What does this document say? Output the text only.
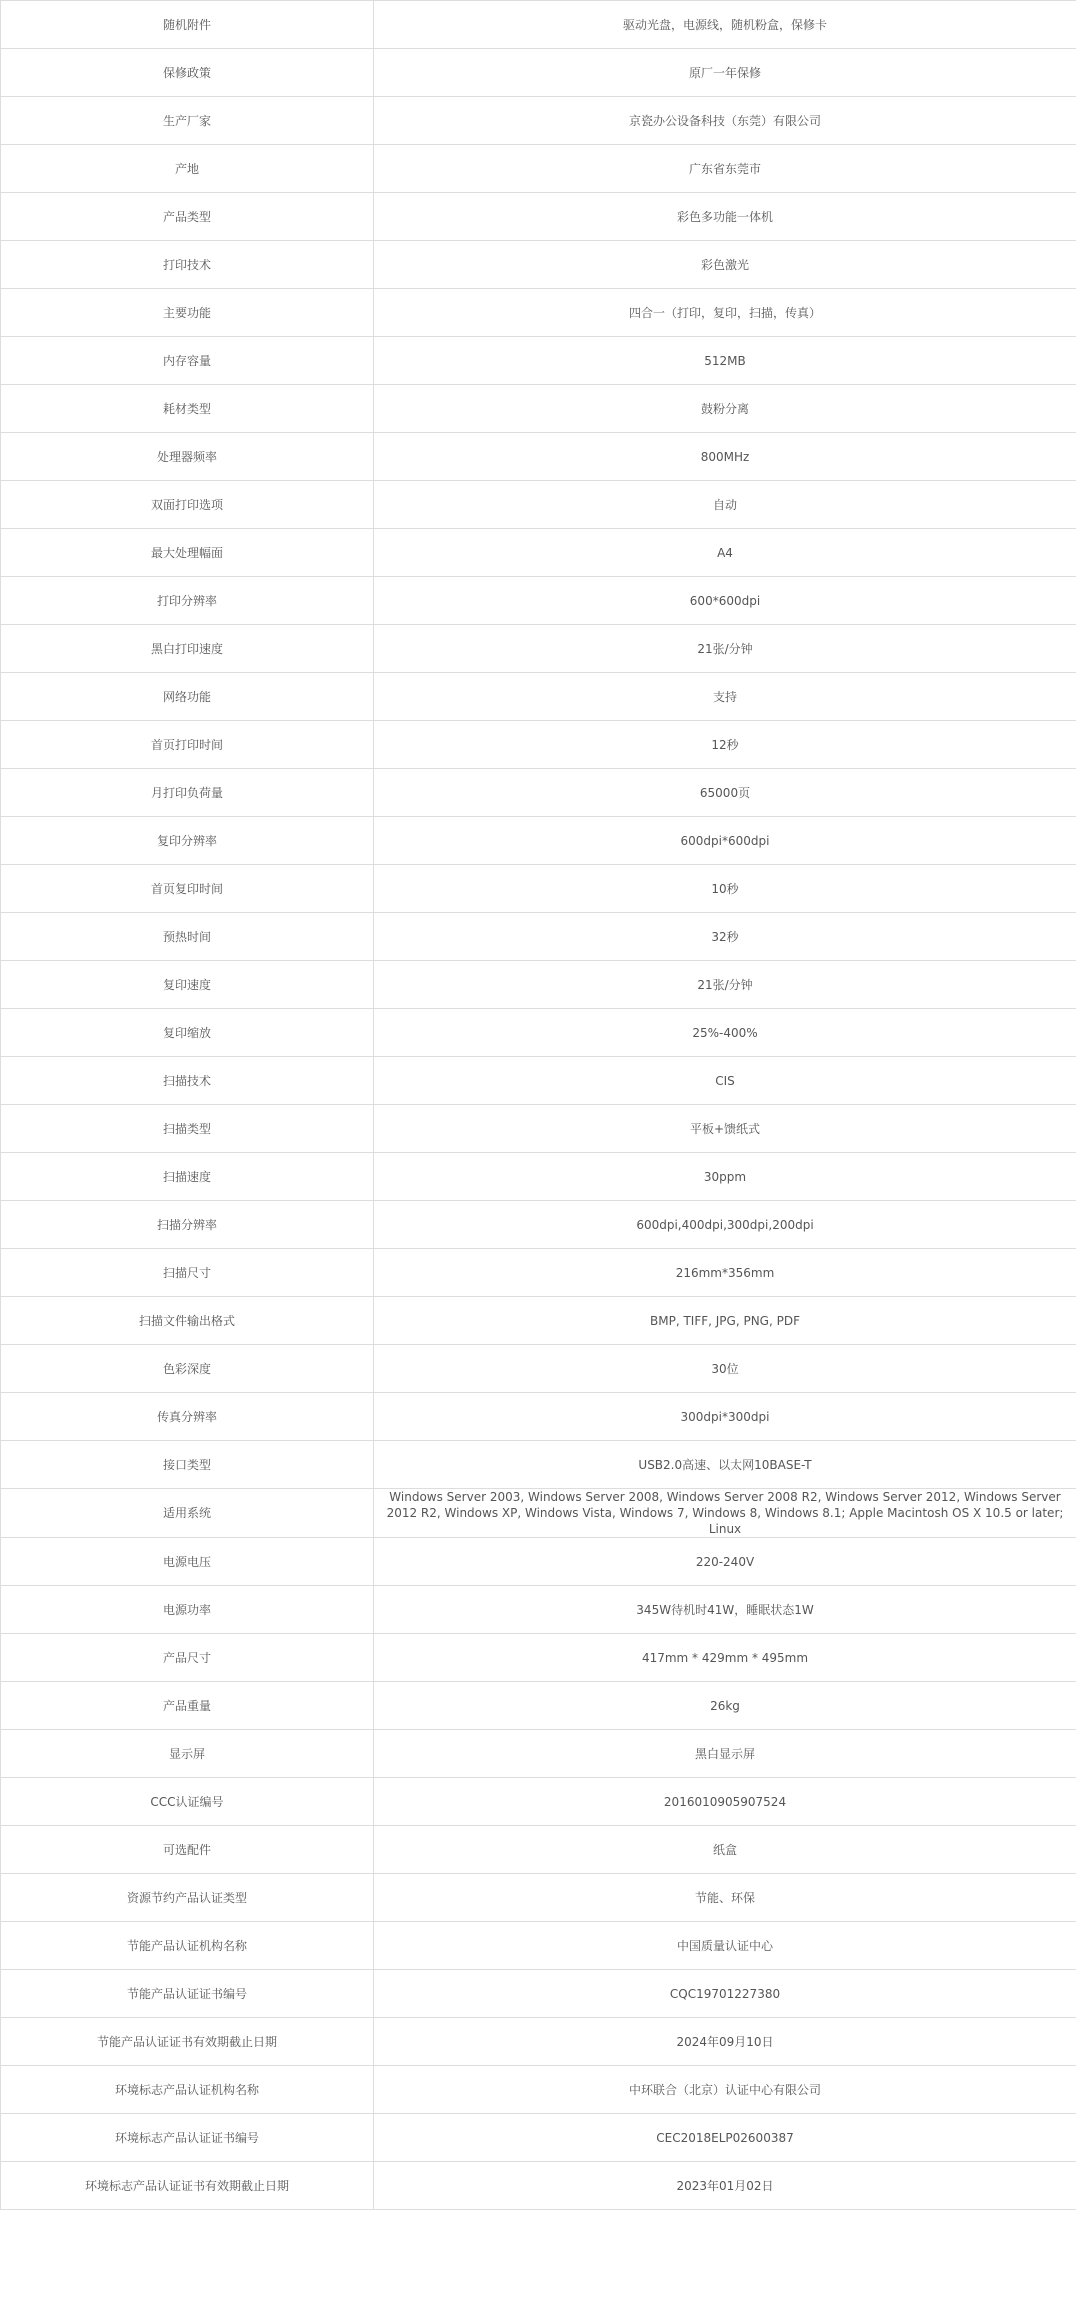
随机附件	驱动光盘，电源线，随机粉盒，保修卡
保修政策	原厂一年保修
生产厂家	京瓷办公设备科技（东莞）有限公司
产地	广东省东莞市
产品类型	彩色多功能一体机
打印技术	彩色激光
主要功能	四合一（打印，复印，扫描，传真）
内存容量	512MB
耗材类型	鼓粉分离
处理器频率	800MHz
双面打印选项	自动
最大处理幅面	A4
打印分辨率	600*600dpi
黑白打印速度	21张/分钟
网络功能	支持
首页打印时间	12秒
月打印负荷量	65000页
复印分辨率	600dpi*600dpi
首页复印时间	10秒
预热时间	32秒
复印速度	21张/分钟
复印缩放	25%-400%
扫描技术	CIS
扫描类型	平板+馈纸式
扫描速度	30ppm
扫描分辨率	600dpi,400dpi,300dpi,200dpi
扫描尺寸	216mm*356mm
扫描文件输出格式	BMP, TIFF, JPG, PNG, PDF
色彩深度	30位
传真分辨率	300dpi*300dpi
接口类型	USB2.0高速、以太网10BASE-T
适用系统	Windows Server 2003, Windows Server 2008, Windows Server 2008 R2, Windows Server 2012, Windows Server 2012 R2, Windows XP, Windows Vista, Windows 7, Windows 8, Windows 8.1; Apple Macintosh OS X 10.5 or later; Linux
电源电压	220-240V
电源功率	345W待机时41W，睡眠状态1W
产品尺寸	417mm * 429mm * 495mm
产品重量	26kg
显示屏	黑白显示屏
CCC认证编号	2016010905907524
可选配件	纸盒
资源节约产品认证类型	节能、环保
节能产品认证机构名称	中国质量认证中心
节能产品认证证书编号	CQC19701227380
节能产品认证证书有效期截止日期	2024年09月10日
环境标志产品认证机构名称	中环联合（北京）认证中心有限公司
环境标志产品认证证书编号	CEC2018ELP02600387
环境标志产品认证证书有效期截止日期	2023年01月02日
